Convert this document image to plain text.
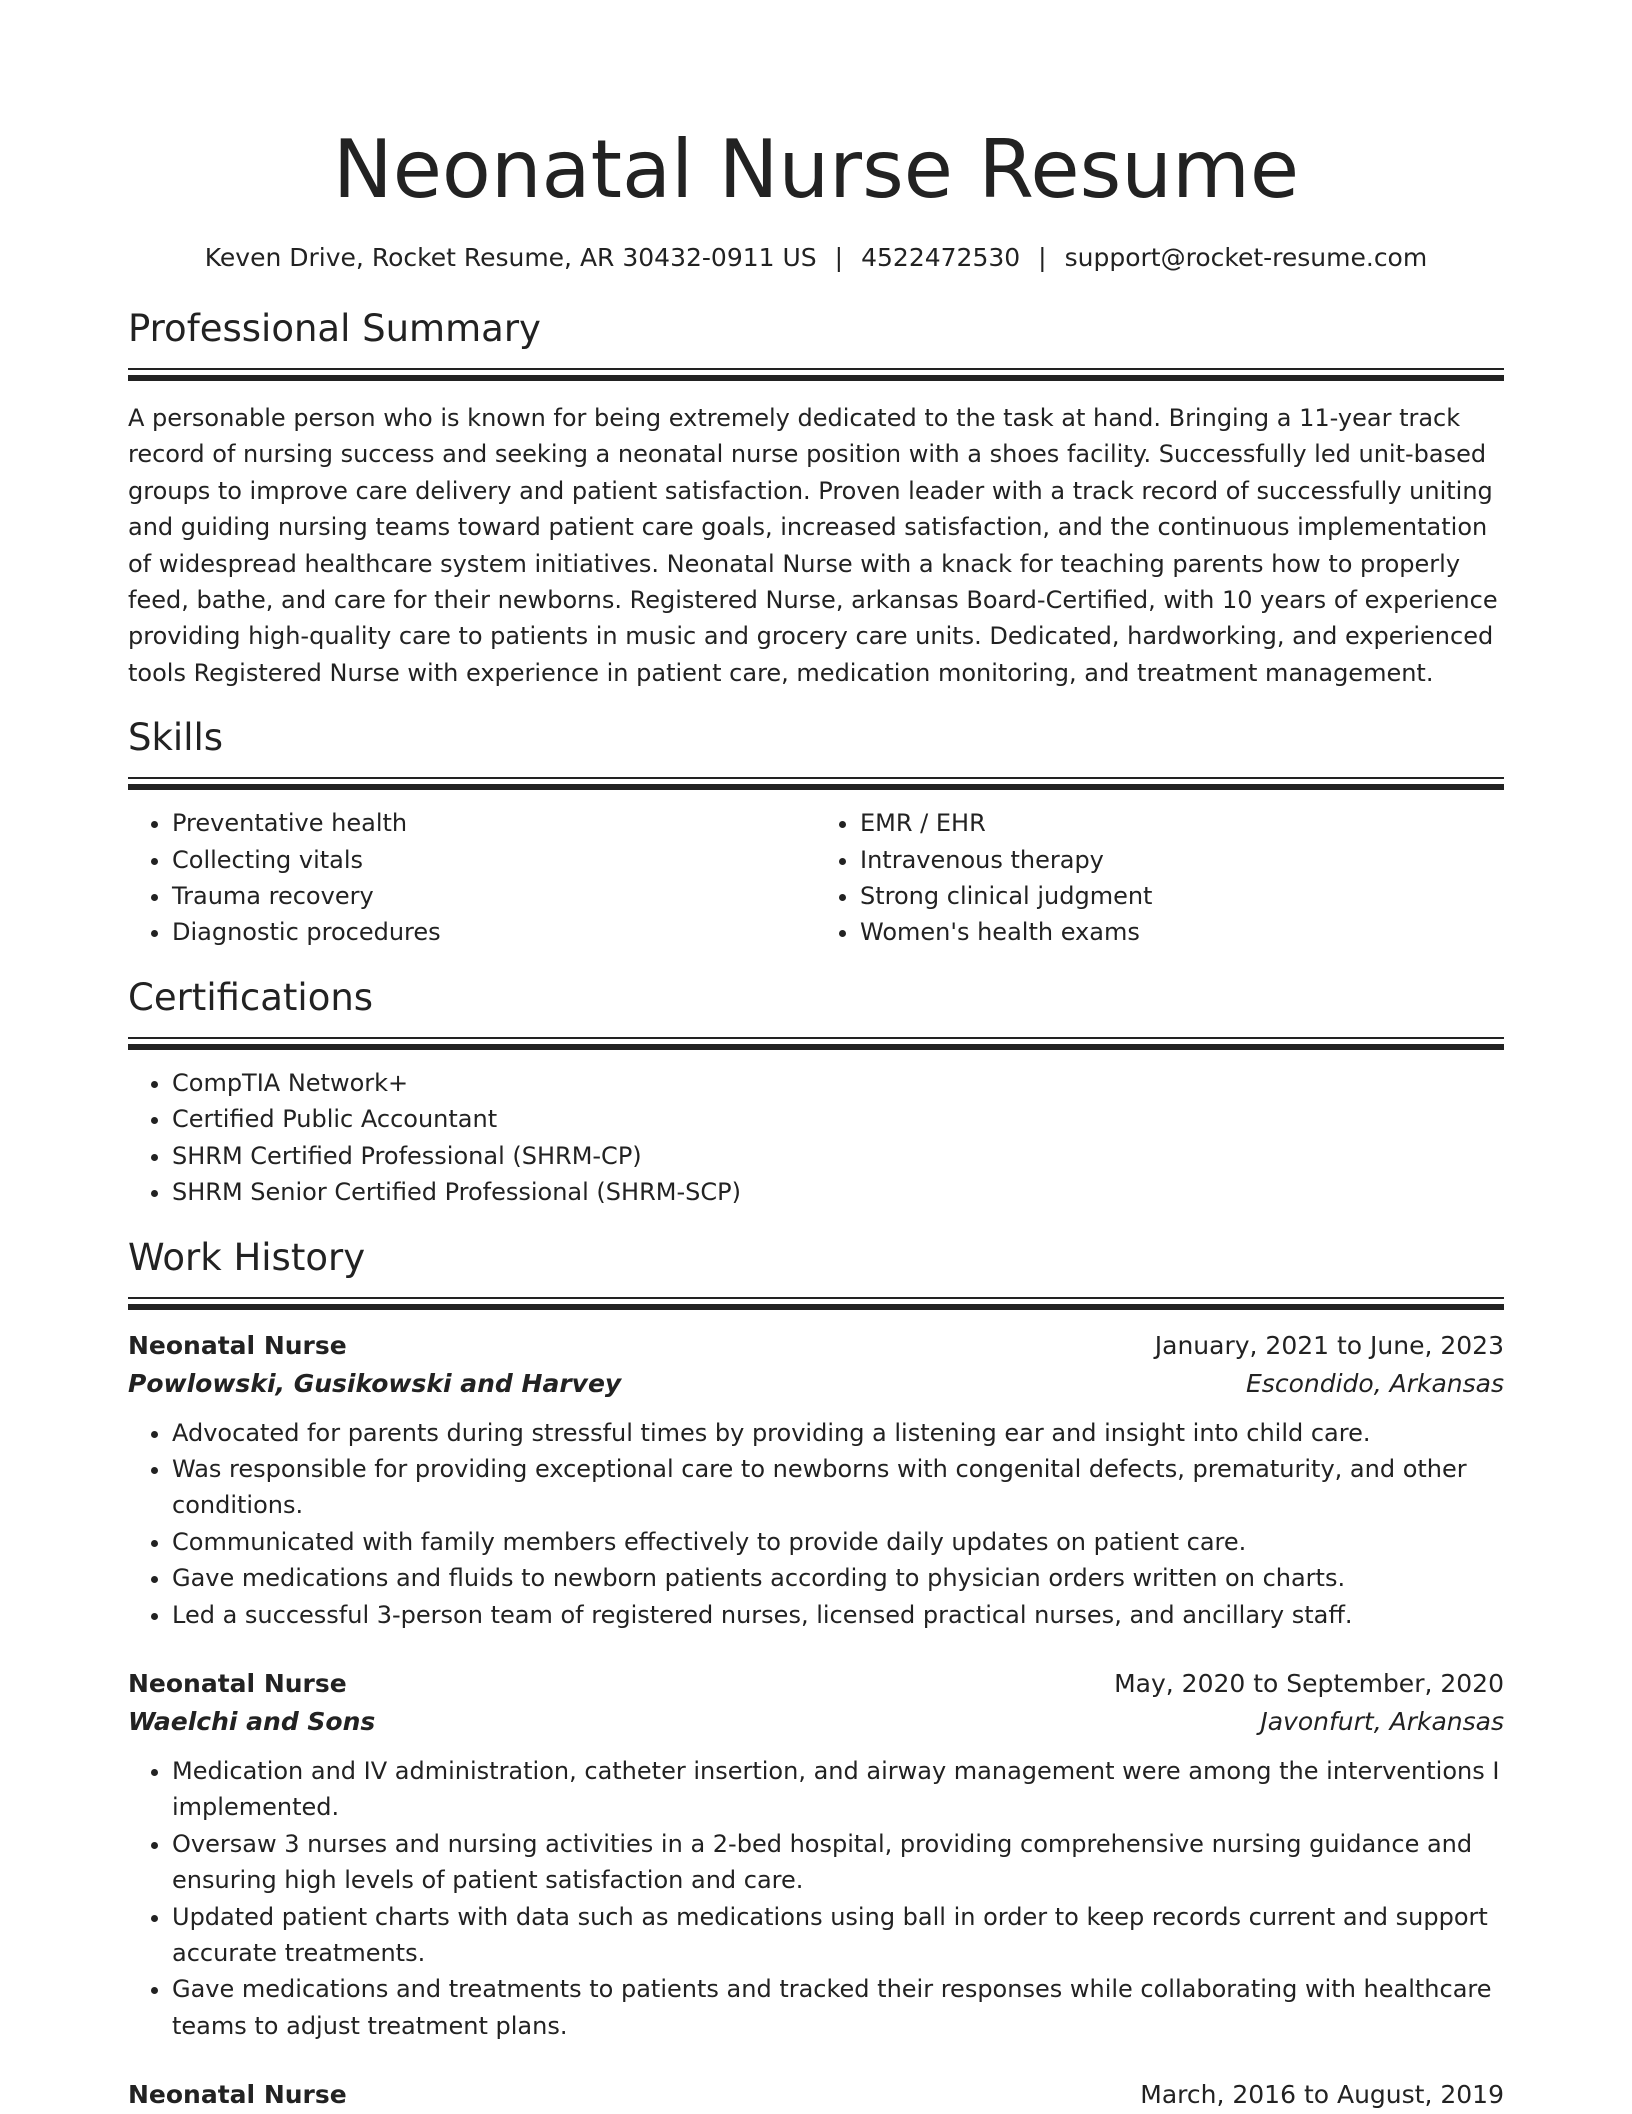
Neonatal Nurse Resume
Keven Drive, Rocket Resume, AR 30432-0911 US | 4522472530 | support@rocket-resume.com
Professional Summary

A personable person who is known for being extremely dedicated to the task at hand. Bringing a 11-year track record of nursing success and seeking a neonatal nurse position with a shoes facility. Successfully led unit-based groups to improve care delivery and patient satisfaction. Proven leader with a track record of successfully uniting and guiding nursing teams toward patient care goals, increased satisfaction, and the continuous implementation of widespread healthcare system initiatives. Neonatal Nurse with a knack for teaching parents how to properly feed, bathe, and care for their newborns. Registered Nurse, arkansas Board-Certified, with 10 years of experience providing high-quality care to patients in music and grocery care units. Dedicated, hardworking, and experienced tools Registered Nurse with experience in patient care, medication monitoring, and treatment management.

Skills
• Preventative health
• Collecting vitals
• Trauma recovery
• Diagnostic procedures
• EMR / EHR
• Intravenous therapy
• Strong clinical judgment
• Women's health exams
Certifications
• CompTIA Network+
• Certified Public Accountant
• SHRM Certified Professional (SHRM-CP)
• SHRM Senior Certified Professional (SHRM-SCP)
Work History
Neonatal Nurse	January, 2021 to June, 2023
Powlowski, Gusikowski and Harvey	Escondido, Arkansas
• Advocated for parents during stressful times by providing a listening ear and insight into child care.
• Was responsible for providing exceptional care to newborns with congenital defects, prematurity, and other conditions.
• Communicated with family members effectively to provide daily updates on patient care.
• Gave medications and fluids to newborn patients according to physician orders written on charts.
• Led a successful 3-person team of registered nurses, licensed practical nurses, and ancillary staff.
Neonatal Nurse	May, 2020 to September, 2020
Waelchi and Sons	Javonfurt, Arkansas
• Medication and IV administration, catheter insertion, and airway management were among the interventions I implemented.
• Oversaw 3 nurses and nursing activities in a 2-bed hospital, providing comprehensive nursing guidance and ensuring high levels of patient satisfaction and care.
• Updated patient charts with data such as medications using ball in order to keep records current and support accurate treatments.
• Gave medications and treatments to patients and tracked their responses while collaborating with healthcare teams to adjust treatment plans.
Neonatal Nurse	March, 2016 to August, 2019
